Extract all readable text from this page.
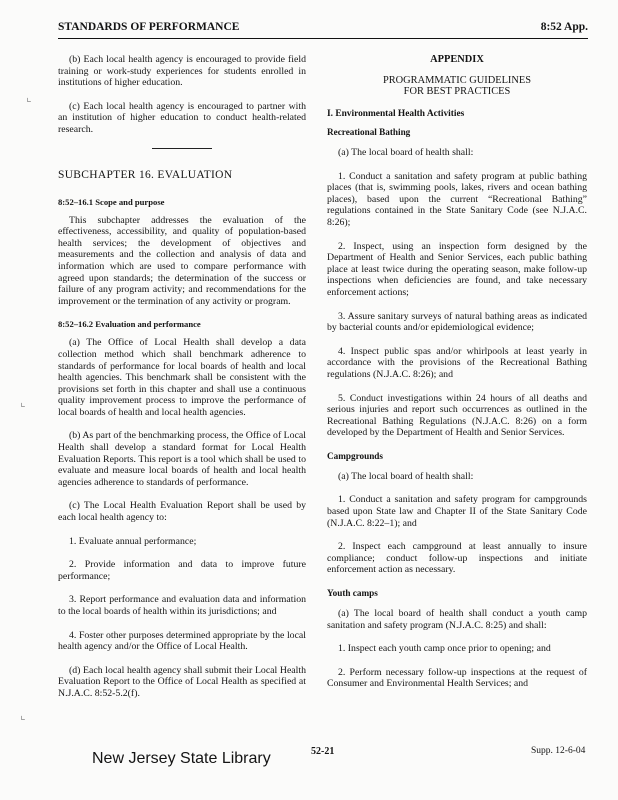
STANDARDS OF PERFORMANCE	8:52 App.
⌞
⌞
⌞

(b) Each local health agency is encouraged to provide field training or work-study experiences for students enrolled in institutions of higher education.

(c) Each local health agency is encouraged to partner with an institution of higher education to conduct health-related research.

SUBCHAPTER 16. EVALUATION

8:52–16.1 Scope and purpose

This subchapter addresses the evaluation of the effectiveness, accessibility, and quality of population-based health services; the development of objectives and measurements and the collection and analysis of data and information which are used to compare performance with agreed upon standards; the determination of the success or failure of any program activity; and recommendations for the improvement or the termination of any activity or program.

8:52–16.2 Evaluation and performance

(a) The Office of Local Health shall develop a data collection method which shall benchmark adherence to standards of performance for local boards of health and local health agencies. This benchmark shall be consistent with the provisions set forth in this chapter and shall use a continuous quality improvement process to improve the performance of local boards of health and local health agencies.

(b) As part of the benchmarking process, the Office of Local Health shall develop a standard format for Local Health Evaluation Reports. This report is a tool which shall be used to evaluate and measure local boards of health and local health agencies adherence to standards of performance.

(c) The Local Health Evaluation Report shall be used by each local health agency to:

1. Evaluate annual performance;

2. Provide information and data to improve future performance;

3. Report performance and evaluation data and information to the local boards of health within its jurisdictions; and

4. Foster other purposes determined appropriate by the local health agency and/or the Office of Local Health.

(d) Each local health agency shall submit their Local Health Evaluation Report to the Office of Local Health as specified at N.J.A.C. 8:52-5.2(f).

APPENDIX

PROGRAMMATIC GUIDELINES

FOR BEST PRACTICES

I. Environmental Health Activities

Recreational Bathing

(a) The local board of health shall:

1. Conduct a sanitation and safety program at public bathing places (that is, swimming pools, lakes, rivers and ocean bathing places), based upon the current “Recreational Bathing” regulations contained in the State Sanitary Code (see N.J.A.C. 8:26);

2. Inspect, using an inspection form designed by the Department of Health and Senior Services, each public bathing place at least twice during the operating season, make follow-up inspections when deficiencies are found, and take necessary enforcement actions;

3. Assure sanitary surveys of natural bathing areas as indicated by bacterial counts and/or epidemiological evidence;

4. Inspect public spas and/or whirlpools at least yearly in accordance with the provisions of the Recreational Bathing regulations (N.J.A.C. 8:26); and

5. Conduct investigations within 24 hours of all deaths and serious injuries and report such occurrences as outlined in the Recreational Bathing Regulations (N.J.A.C. 8:26) on a form developed by the Department of Health and Senior Services.

Campgrounds

(a) The local board of health shall:

1. Conduct a sanitation and safety program for campgrounds based upon State law and Chapter II of the State Sanitary Code (N.J.A.C. 8:22–1); and

2. Inspect each campground at least annually to insure compliance; conduct follow-up inspections and initiate enforcement action as necessary.

Youth camps

(a) The local board of health shall conduct a youth camp sanitation and safety program (N.J.A.C. 8:25) and shall:

1. Inspect each youth camp once prior to opening; and

2. Perform necessary follow-up inspections at the request of Consumer and Environmental Health Services; and

New Jersey State Library	52-21	Supp. 12-6-04
